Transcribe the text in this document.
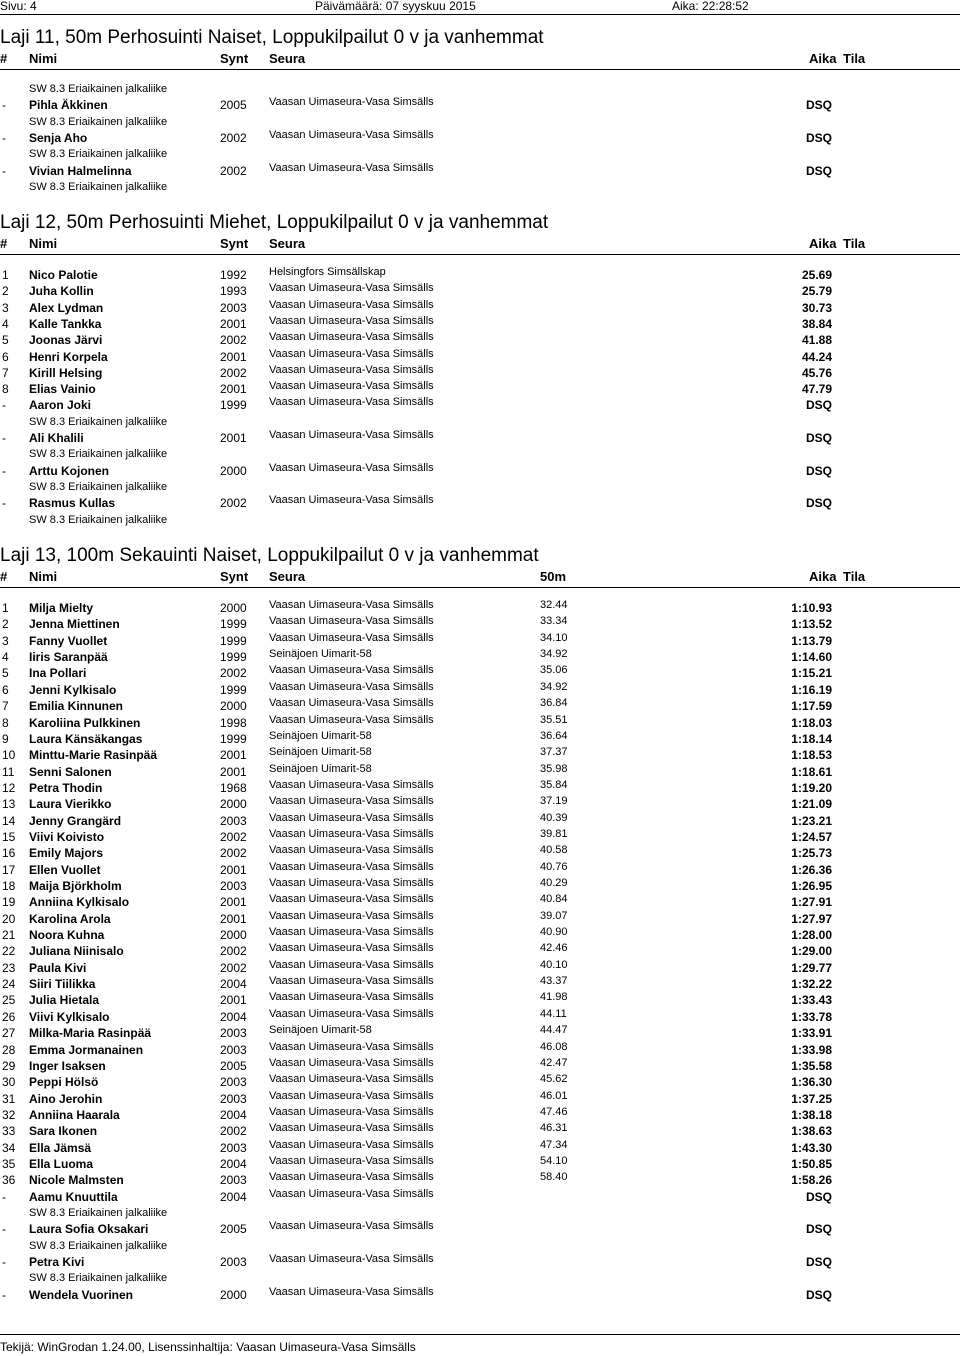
Sivu: 4	Päivämäärä: 07 syyskuu 2015	Aika: 22:28:52
Laji 11, 50m Perhosuinti Naiset, Loppukilpailut 0 v ja vanhemmat
# Nimi	Synt Seura	Aika Tila
SW 8.3 Eriaikainen jalkaliike
- Pihla Äkkinen	2005 Vaasan Uimaseura-Vasa Simsälls	DSQ
SW 8.3 Eriaikainen jalkaliike
- Senja Aho	2002 Vaasan Uimaseura-Vasa Simsälls	DSQ
SW 8.3 Eriaikainen jalkaliike
- Vivian Halmelinna	2002 Vaasan Uimaseura-Vasa Simsälls	DSQ
SW 8.3 Eriaikainen jalkaliike
Laji 12, 50m Perhosuinti Miehet, Loppukilpailut 0 v ja vanhemmat
# Nimi	Synt Seura	Aika Tila
1 Nico Palotie	1992 Helsingfors Simsällskap	25.69
2 Juha Kollin	1993 Vaasan Uimaseura-Vasa Simsälls	25.79
3 Alex Lydman	2003 Vaasan Uimaseura-Vasa Simsälls	30.73
4 Kalle Tankka	2001 Vaasan Uimaseura-Vasa Simsälls	38.84
5 Joonas Järvi	2002 Vaasan Uimaseura-Vasa Simsälls	41.88
6 Henri Korpela	2001 Vaasan Uimaseura-Vasa Simsälls	44.24
7 Kirill Helsing	2002 Vaasan Uimaseura-Vasa Simsälls	45.76
8 Elias Vainio	2001 Vaasan Uimaseura-Vasa Simsälls	47.79
- Aaron Joki	1999 Vaasan Uimaseura-Vasa Simsälls	DSQ
SW 8.3 Eriaikainen jalkaliike
- Ali Khalili	2001 Vaasan Uimaseura-Vasa Simsälls	DSQ
SW 8.3 Eriaikainen jalkaliike
- Arttu Kojonen	2000 Vaasan Uimaseura-Vasa Simsälls	DSQ
SW 8.3 Eriaikainen jalkaliike
- Rasmus Kullas	2002 Vaasan Uimaseura-Vasa Simsälls	DSQ
SW 8.3 Eriaikainen jalkaliike
Laji 13, 100m Sekauinti Naiset, Loppukilpailut 0 v ja vanhemmat
# Nimi	Synt Seura	50m	Aika Tila
1 Milja Mielty	2000 Vaasan Uimaseura-Vasa Simsälls	32.44	1:10.93
2 Jenna Miettinen	1999 Vaasan Uimaseura-Vasa Simsälls	33.34	1:13.52
3 Fanny Vuollet	1999 Vaasan Uimaseura-Vasa Simsälls	34.10	1:13.79
4 Iiris Saranpää	1999 Seinäjoen Uimarit-58	34.92	1:14.60
5 Ina Pollari	2002 Vaasan Uimaseura-Vasa Simsälls	35.06	1:15.21
6 Jenni Kylkisalo	1999 Vaasan Uimaseura-Vasa Simsälls	34.92	1:16.19
7 Emilia Kinnunen	2000 Vaasan Uimaseura-Vasa Simsälls	36.84	1:17.59
8 Karoliina Pulkkinen	1998 Vaasan Uimaseura-Vasa Simsälls	35.51	1:18.03
9 Laura Känsäkangas	1999 Seinäjoen Uimarit-58	36.64	1:18.14
10 Minttu-Marie Rasinpää	2001 Seinäjoen Uimarit-58	37.37	1:18.53
11 Senni Salonen	2001 Seinäjoen Uimarit-58	35.98	1:18.61
12 Petra Thodin	1968 Vaasan Uimaseura-Vasa Simsälls	35.84	1:19.20
13 Laura Vierikko	2000 Vaasan Uimaseura-Vasa Simsälls	37.19	1:21.09
14 Jenny Grangärd	2003 Vaasan Uimaseura-Vasa Simsälls	40.39	1:23.21
15 Viivi Koivisto	2002 Vaasan Uimaseura-Vasa Simsälls	39.81	1:24.57
16 Emily Majors	2002 Vaasan Uimaseura-Vasa Simsälls	40.58	1:25.73
17 Ellen Vuollet	2001 Vaasan Uimaseura-Vasa Simsälls	40.76	1:26.36
18 Maija Björkholm	2003 Vaasan Uimaseura-Vasa Simsälls	40.29	1:26.95
19 Anniina Kylkisalo	2001 Vaasan Uimaseura-Vasa Simsälls	40.84	1:27.91
20 Karolina Arola	2001 Vaasan Uimaseura-Vasa Simsälls	39.07	1:27.97
21 Noora Kuhna	2000 Vaasan Uimaseura-Vasa Simsälls	40.90	1:28.00
22 Juliana Niinisalo	2002 Vaasan Uimaseura-Vasa Simsälls	42.46	1:29.00
23 Paula Kivi	2002 Vaasan Uimaseura-Vasa Simsälls	40.10	1:29.77
24 Siiri Tiilikka	2004 Vaasan Uimaseura-Vasa Simsälls	43.37	1:32.22
25 Julia Hietala	2001 Vaasan Uimaseura-Vasa Simsälls	41.98	1:33.43
26 Viivi Kylkisalo	2004 Vaasan Uimaseura-Vasa Simsälls	44.11	1:33.78
27 Milka-Maria Rasinpää	2003 Seinäjoen Uimarit-58	44.47	1:33.91
28 Emma Jormanainen	2003 Vaasan Uimaseura-Vasa Simsälls	46.08	1:33.98
29 Inger Isaksen	2005 Vaasan Uimaseura-Vasa Simsälls	42.47	1:35.58
30 Peppi Hölsö	2003 Vaasan Uimaseura-Vasa Simsälls	45.62	1:36.30
31 Aino Jerohin	2003 Vaasan Uimaseura-Vasa Simsälls	46.01	1:37.25
32 Anniina Haarala	2004 Vaasan Uimaseura-Vasa Simsälls	47.46	1:38.18
33 Sara Ikonen	2002 Vaasan Uimaseura-Vasa Simsälls	46.31	1:38.63
34 Ella Jämsä	2003 Vaasan Uimaseura-Vasa Simsälls	47.34	1:43.30
35 Ella Luoma	2004 Vaasan Uimaseura-Vasa Simsälls	54.10	1:50.85
36 Nicole Malmsten	2003 Vaasan Uimaseura-Vasa Simsälls	58.40	1:58.26
- Aamu Knuuttila	2004 Vaasan Uimaseura-Vasa Simsälls	DSQ
SW 8.3 Eriaikainen jalkaliike
- Laura Sofia Oksakari	2005 Vaasan Uimaseura-Vasa Simsälls	DSQ
SW 8.3 Eriaikainen jalkaliike
- Petra Kivi	2003 Vaasan Uimaseura-Vasa Simsälls	DSQ
SW 8.3 Eriaikainen jalkaliike
- Wendela Vuorinen	2000 Vaasan Uimaseura-Vasa Simsälls	DSQ
Tekijä: WinGrodan 1.24.00, Lisenssinhaltija: Vaasan Uimaseura-Vasa Simsälls
